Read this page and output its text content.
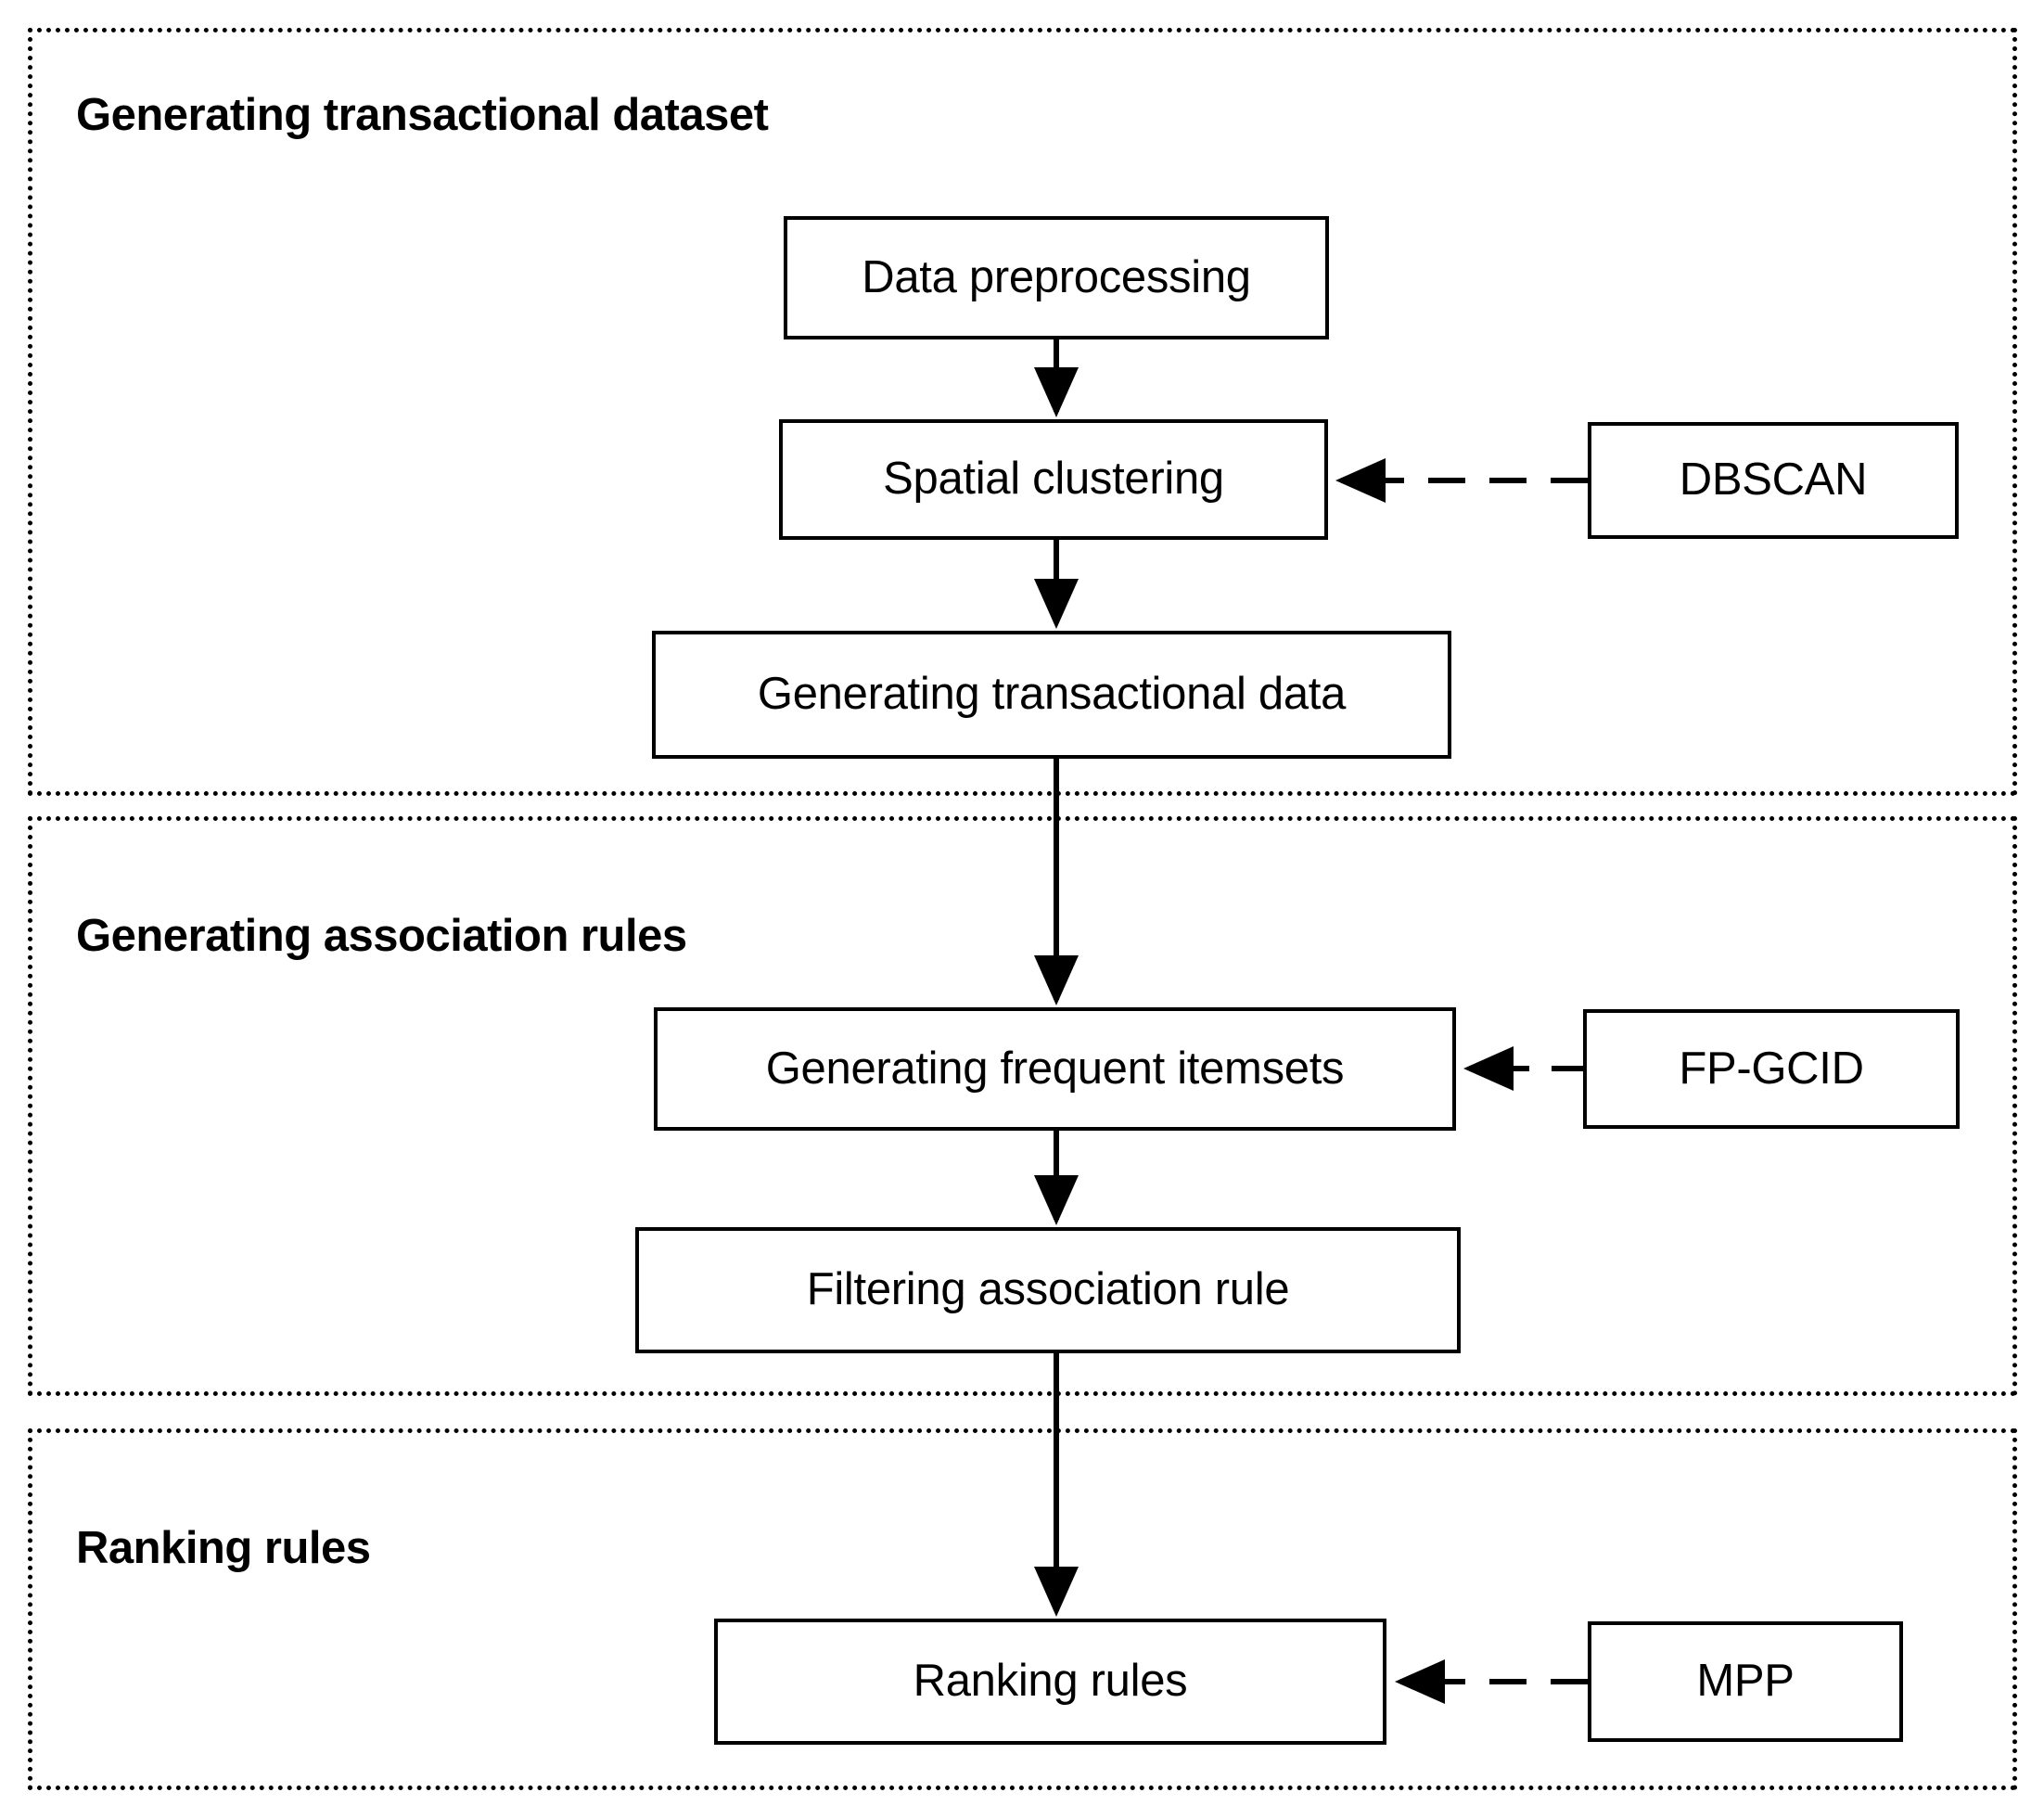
Generating transactional dataset
Generating association rules
Ranking rules
Data preprocessing
Spatial clustering	DBSCAN
Generating transactional data
Generating frequent itemsets	FP-GCID
Filtering association rule
Ranking rules	MPP
